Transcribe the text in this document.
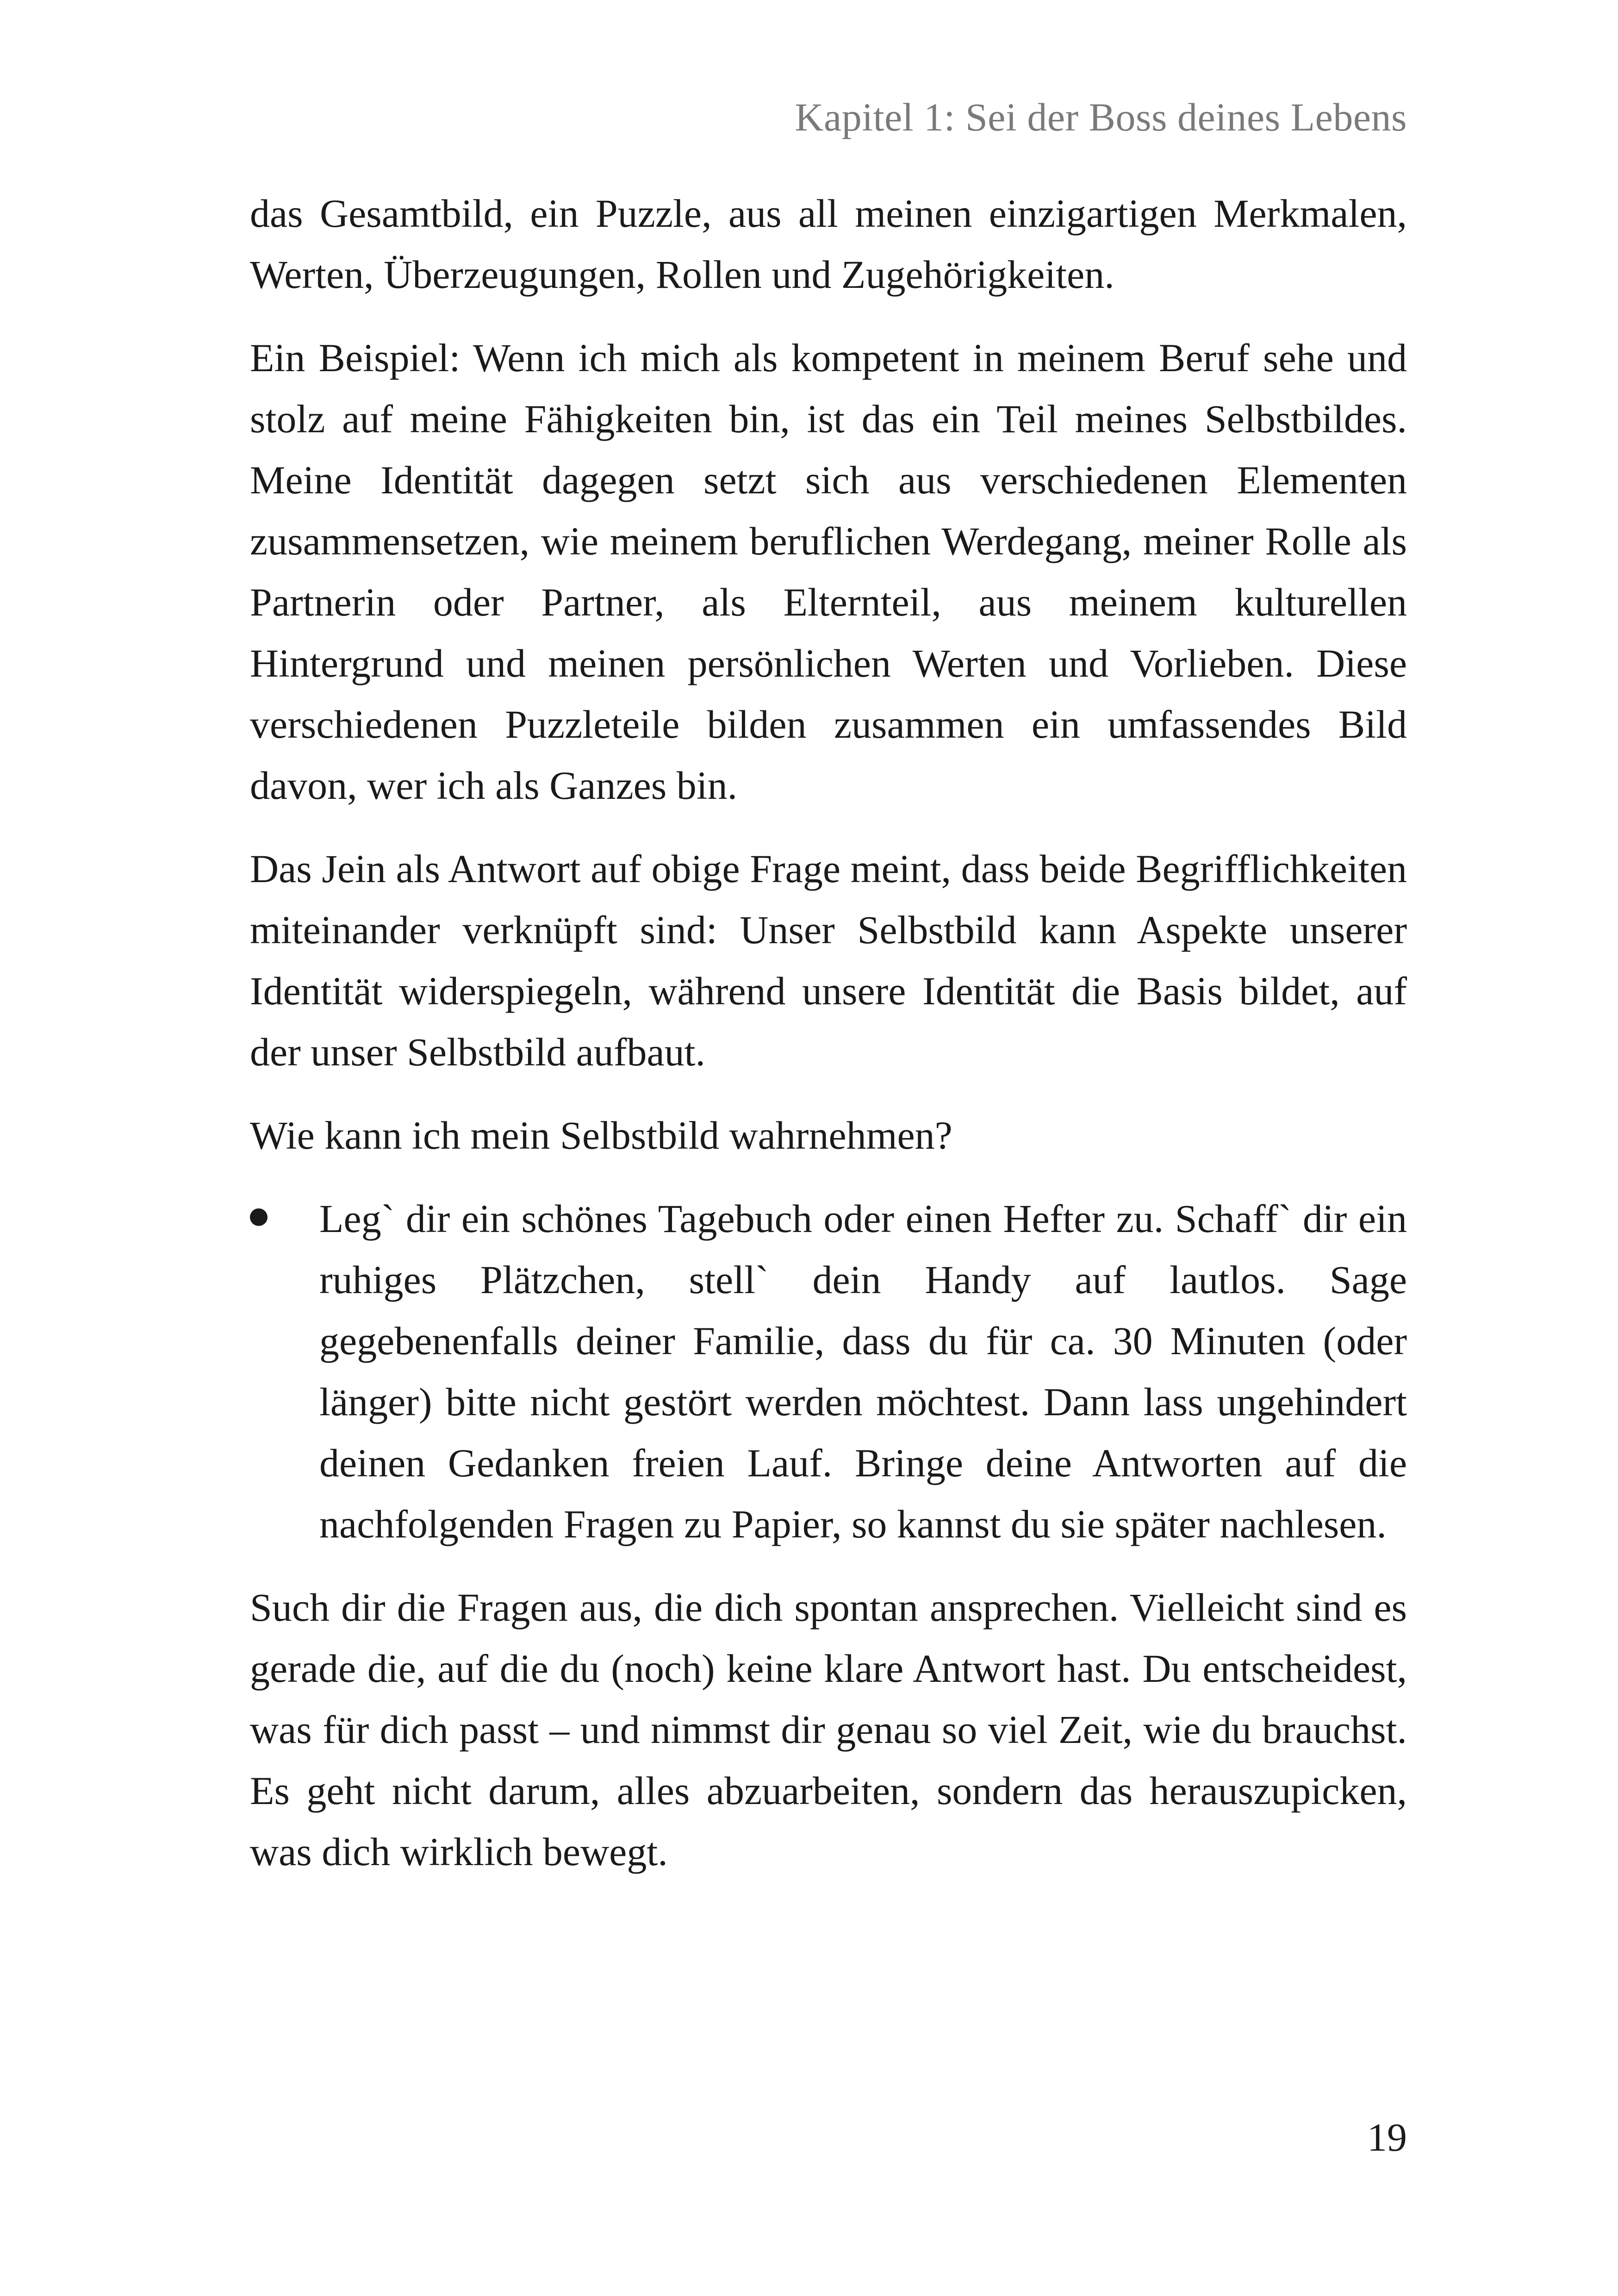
Kapitel 1: Sei der Boss deines Lebens

das Gesamtbild, ein Puzzle, aus all meinen einzigartigen Merkmalen, Werten, Überzeugungen, Rollen und Zugehörigkeiten.

Ein Beispiel: Wenn ich mich als kompetent in meinem Beruf sehe und stolz auf meine Fähigkeiten bin, ist das ein Teil meines Selbstbildes. Meine Identität dagegen setzt sich aus verschiedenen Elementen zusammensetzen, wie meinem beruflichen Werdegang, meiner Rolle als Partnerin oder Partner, als Elternteil, aus meinem kulturellen Hintergrund und meinen persönlichen Werten und Vorlieben. Diese verschiedenen Puzzleteile bilden zusammen ein umfassendes Bild davon, wer ich als Ganzes bin.

Das Jein als Antwort auf obige Frage meint, dass beide Begrifflichkeiten miteinander verknüpft sind: Unser Selbstbild kann Aspekte unserer Identität widerspiegeln, während unsere Identität die Basis bildet, auf der unser Selbstbild aufbaut.

Wie kann ich mein Selbstbild wahrnehmen?

Leg` dir ein schönes Tagebuch oder einen Hefter zu. Schaff` dir ein ruhiges Plätzchen, stell` dein Handy auf lautlos. Sage gegebenenfalls deiner Familie, dass du für ca. 30 Minuten (oder länger) bitte nicht gestört werden möchtest. Dann lass ungehindert deinen Gedanken freien Lauf. Bringe deine Antworten auf die nachfolgenden Fragen zu Papier, so kannst du sie später nachlesen.

Such dir die Fragen aus, die dich spontan ansprechen. Vielleicht sind es gerade die, auf die du (noch) keine klare Antwort hast. Du entscheidest, was für dich passt – und nimmst dir genau so viel Zeit, wie du brauchst. Es geht nicht darum, alles abzuarbeiten, sondern das herauszupicken, was dich wirklich bewegt.

19
